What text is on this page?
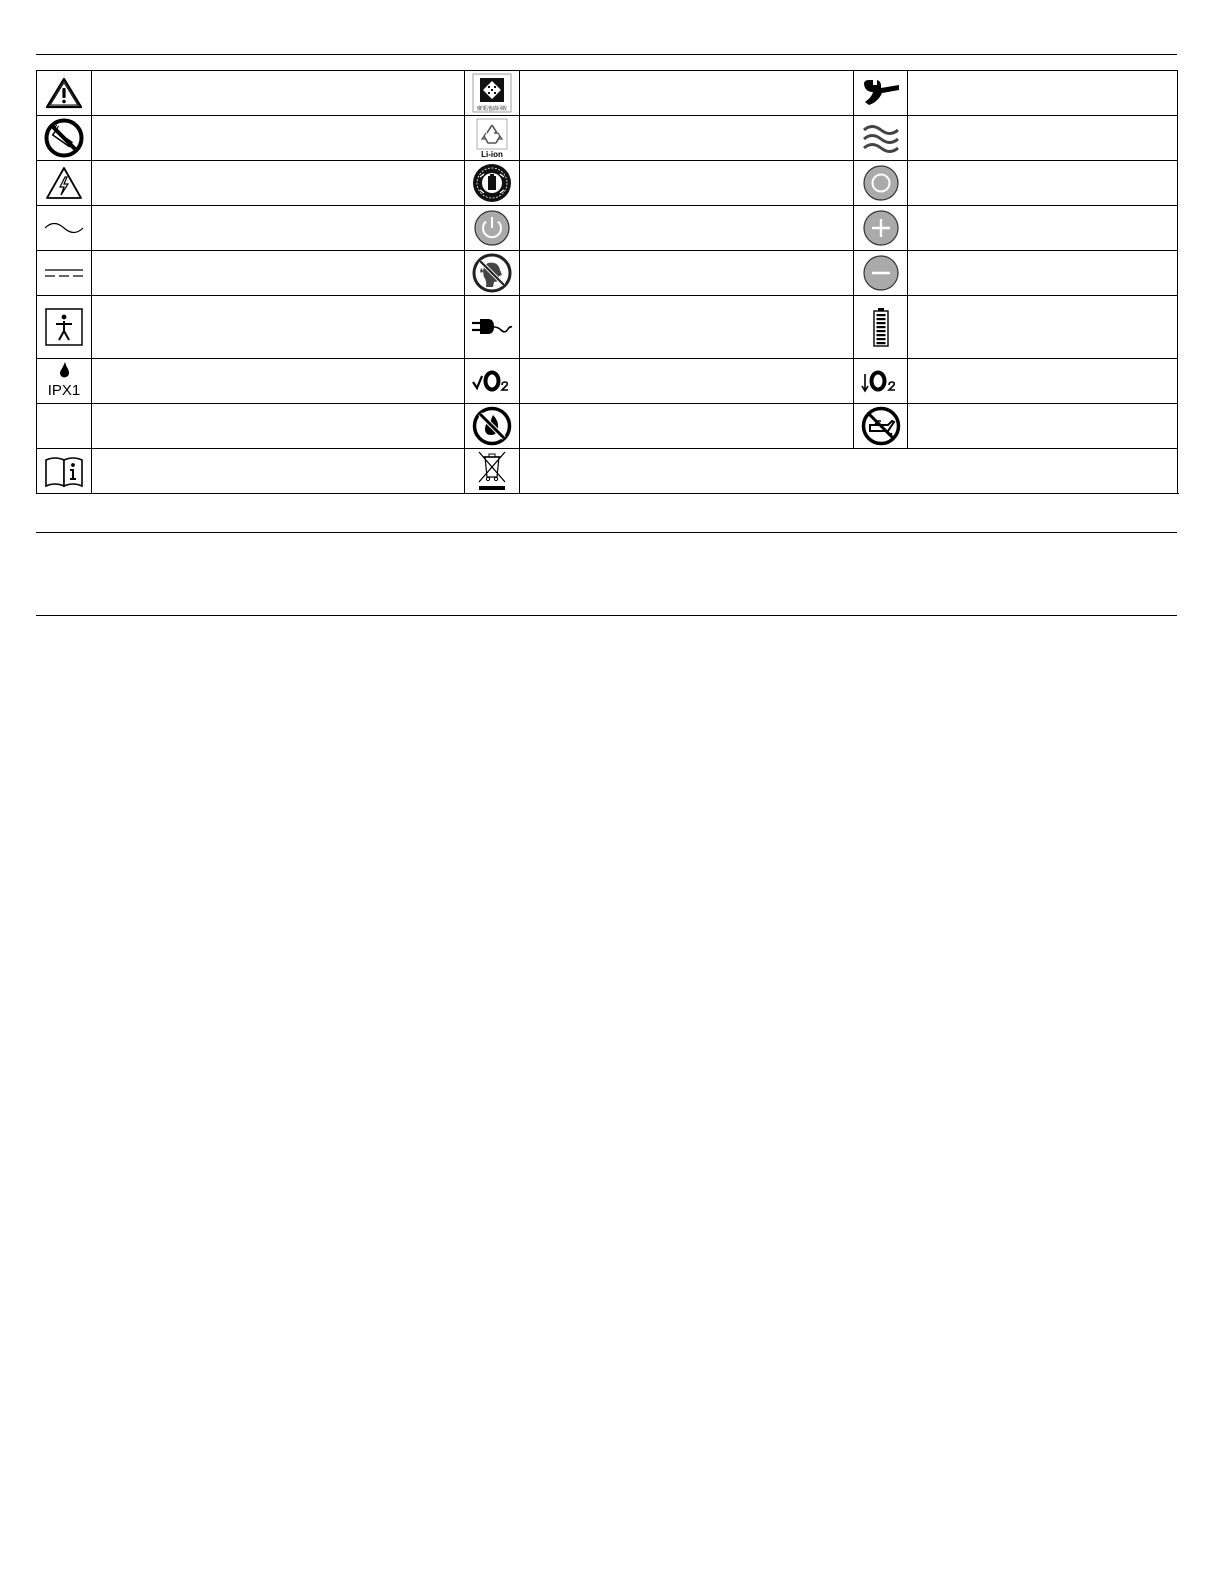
廢電池請回收

Li-ion

IPX1
